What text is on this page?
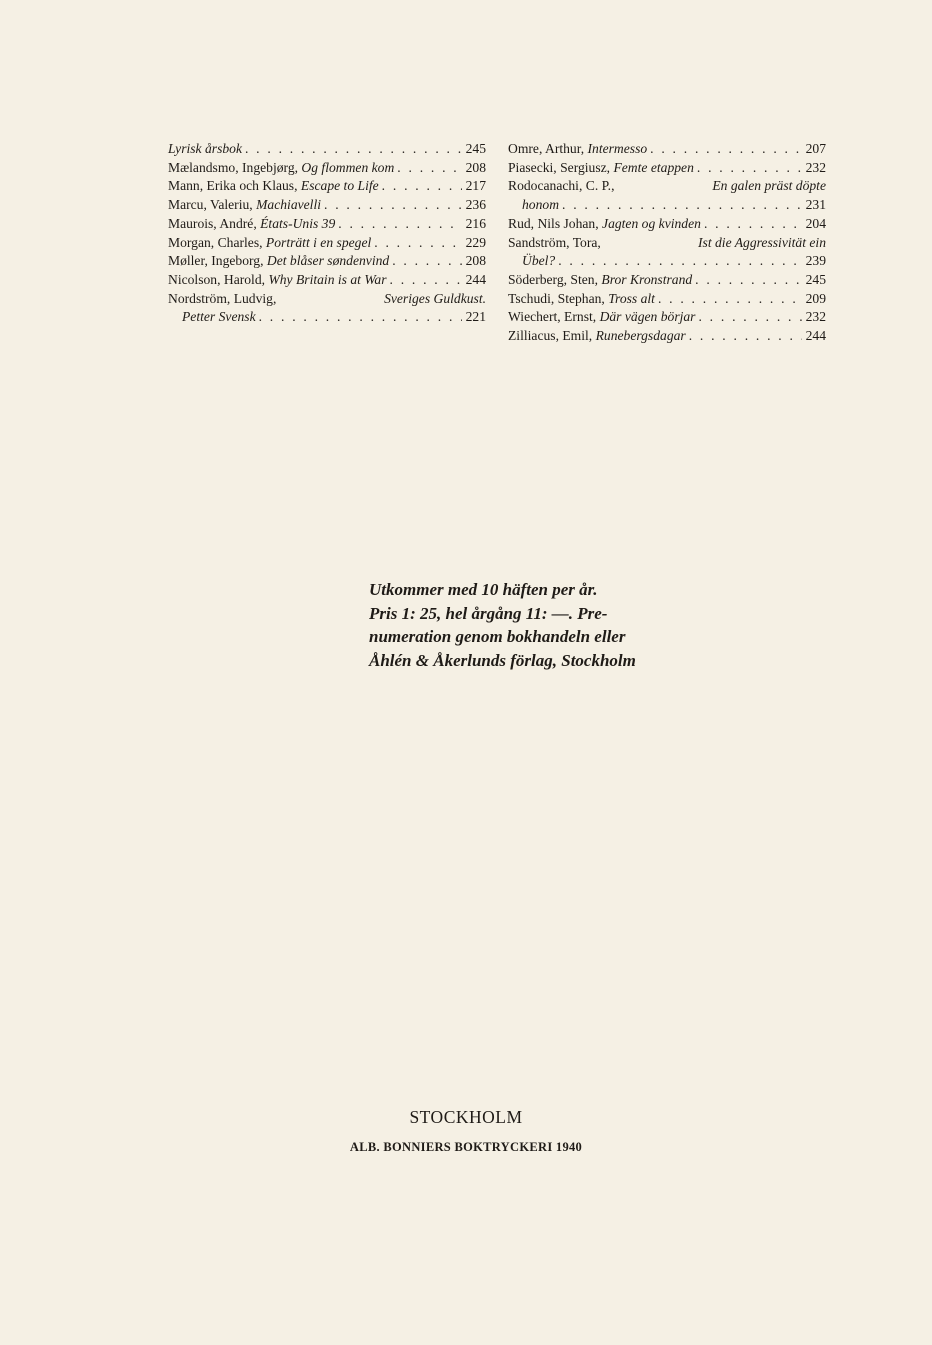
Lyrisk årsbok . . .	245
Mælandsmo, Ingebjørg, Og flommen kom . . .	208
Mann, Erika och Klaus, Escape to Life . . .	217
Marcu, Valeriu, Machiavelli . . .	236
Maurois, André, États-Unis 39 . . .	216
Morgan, Charles, Porträtt i en spegel . . .	229
Møller, Ingeborg, Det blåser søndenvind . . .	208
Nicolson, Harold, Why Britain is at War . . .	244
Nordström, Ludvig,	Sveriges Guldkust.
Petter Svensk . . .	221
Omre, Arthur, Intermesso . . .	207
Piasecki, Sergiusz, Femte etappen . . .	232
Rodocanachi, C. P.,	En galen präst döpte
honom . . .	231
Rud, Nils Johan, Jagten og kvinden . . .	204
Sandström, Tora,	Ist die Aggressivität ein
Übel? . . .	239
Söderberg, Sten, Bror Kronstrand . . .	245
Tschudi, Stephan, Tross alt . . .	209
Wiechert, Ernst, Där vägen börjar . . .	232
Zilliacus, Emil, Runebergsdagar . . .	244
Utkommer med 10 häften per år.
Pris 1: 25, hel årgång 11: —. Pre-
numeration genom bokhandeln eller
Åhlén & Åkerlunds förlag, Stockholm
STOCKHOLM
ALB. BONNIERS BOKTRYCKERI 1940
